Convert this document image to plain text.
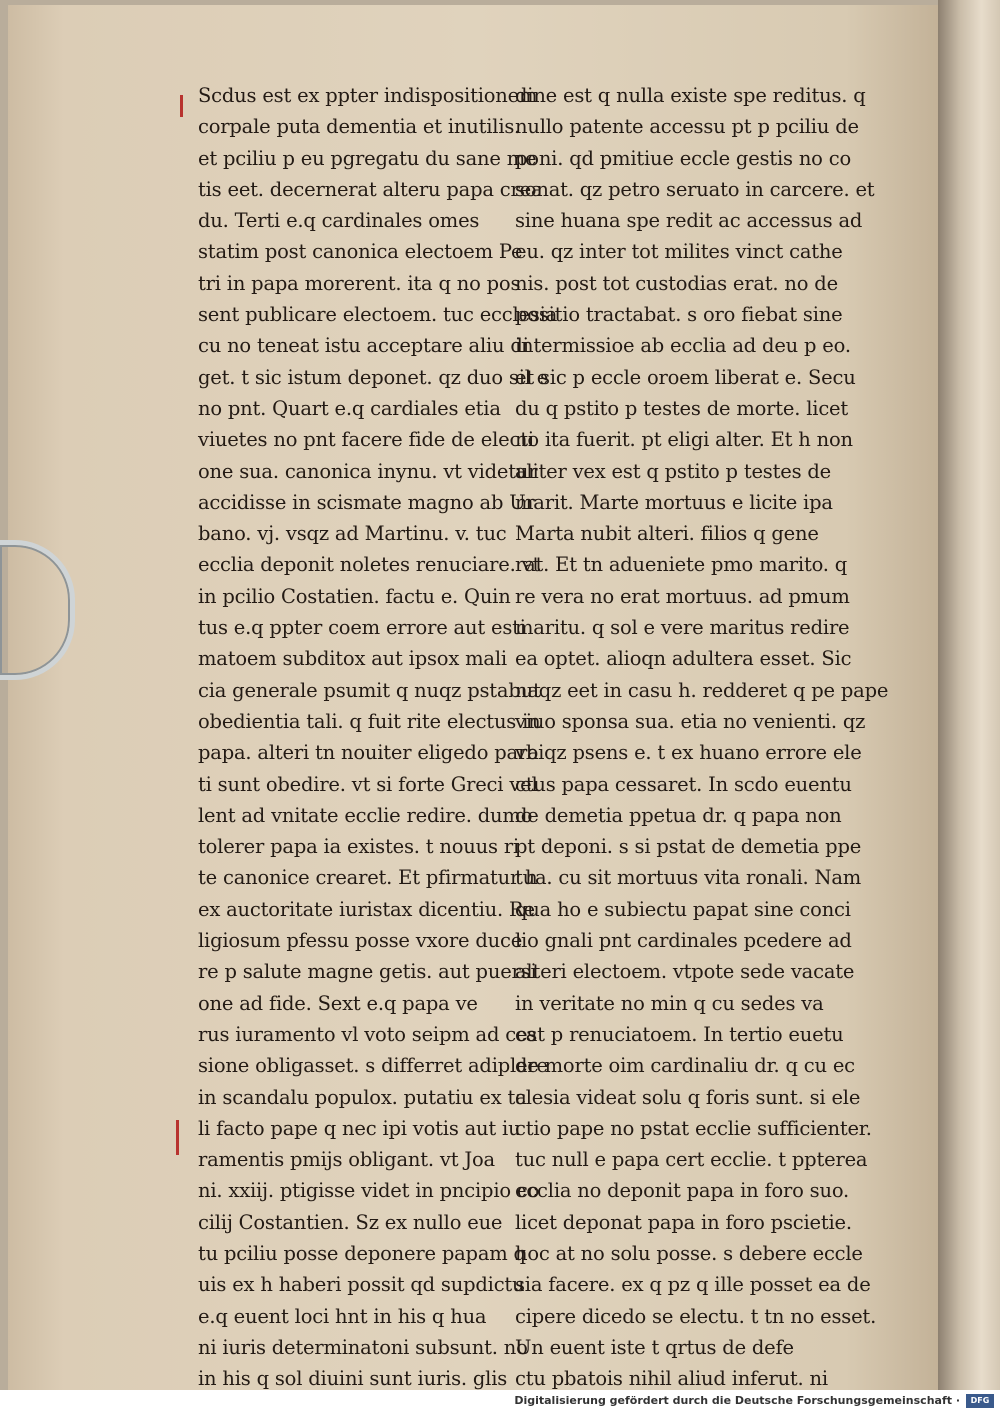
Scdus est ex ppter indispositionem
corpale puta dementia et inutilis.
et pciliu p eu pgregatu du sane me
tis eet. decernerat alteru papa crea
du. Terti e.q cardinales omes
statim post canonica electoem Pe
tri in papa morerent. ita q no pos
sent publicare electoem. tuc ecclesia
cu no teneat istu acceptare aliu di
get. t sic istum deponet. qz duo sil e
no pnt. Quart e.q cardiales etia
viuetes no pnt facere fide de electi
one sua. canonica inynu. vt videtur
accidisse in scismate magno ab Ur
bano. vj. vsqz ad Martinu. v. tuc
ecclia deponit noletes renuciare. vt
in pcilio Costatien. factu e. Quin
tus e.q ppter coem errore aut esti
matoem subditox aut ipsox mali
cia generale psumit q nuqz pstabut
obedientia tali. q fuit rite electus in
papa. alteri tn nouiter eligedo para
ti sunt obedire. vt si forte Greci vel
lent ad vnitate ecclie redire. dumo
tolerer papa ia existes. t nouus ri
te canonice crearet. Et pfirmatur h
ex auctoritate iuristax dicentiu. Re
ligiosum pfessu posse vxore duce
re p salute magne getis. aut puersi
one ad fide. Sext e.q papa ve
rus iuramento vl voto seipm ad ces
sione obligasset. s differret adiplere
in scandalu populox. putatiu ex ta
li facto pape q nec ipi votis aut iu
ramentis pmijs obligant. vt Joa
ni. xxiij. ptigisse videt in pncipio co
cilij Costantien. Sz ex nullo eue
tu pciliu posse deponere papam q
uis ex h haberi possit qd supdictu
e.q euent loci hnt in his q hua
ni iuris determinatoni subsunt. no
in his q sol diuini sunt iuris. glis
dine est q nulla existe spe reditus. q
nullo patente accessu pt p pciliu de
poni. qd pmitiue eccle gestis no co
sonat. qz petro seruato in carcere. et
sine huana spe redit ac accessus ad
eu. qz inter tot milites vinct cathe
nis. post tot custodias erat. no de
positio tractabat. s oro fiebat sine
intermissioe ab ecclia ad deu p eo.
et sic p eccle oroem liberat e. Secu
du q pstito p testes de morte. licet
no ita fuerit. pt eligi alter. Et h non
aliter vex est q pstito p testes de
marit. Marte mortuus e licite ipa
Marta nubit alteri. filios q gene
rat. Et tn adueniete pmo marito. q
re vera no erat mortuus. ad pmum
maritu. q sol e vere maritus redire
ea optet. alioqn adultera esset. Sic
naqz eet in casu h. redderet q pe pape
viuo sponsa sua. etia no venienti. qz
vbiqz psens e. t ex huano errore ele
ctus papa cessaret. In scdo euentu
de demetia ppetua dr. q papa non
pt deponi. s si pstat de demetia ppe
tua. cu sit mortuus vita ronali. Nam
qua ho e subiectu papat sine conci
lio gnali pnt cardinales pcedere ad
alteri electoem. vtpote sede vacate
in veritate no min q cu sedes va
cat p renuciatoem. In tertio euetu
de morte oim cardinaliu dr. q cu ec
clesia videat solu q foris sunt. si ele
ctio pape no pstat ecclie sufficienter.
tuc null e papa cert ecclie. t ppterea
ecclia no deponit papa in foro suo.
licet deponat papa in foro pscietie.
hoc at no solu posse. s debere eccle
sia facere. ex q pz q ille posset ea de
cipere dicedo se electu. t tn no esset.
Un euent iste t qrtus de defe
ctu pbatois nihil aliud inferut. ni
Digitalisierung gefördert durch die Deutsche Forschungsgemeinschaft ·	DFG
